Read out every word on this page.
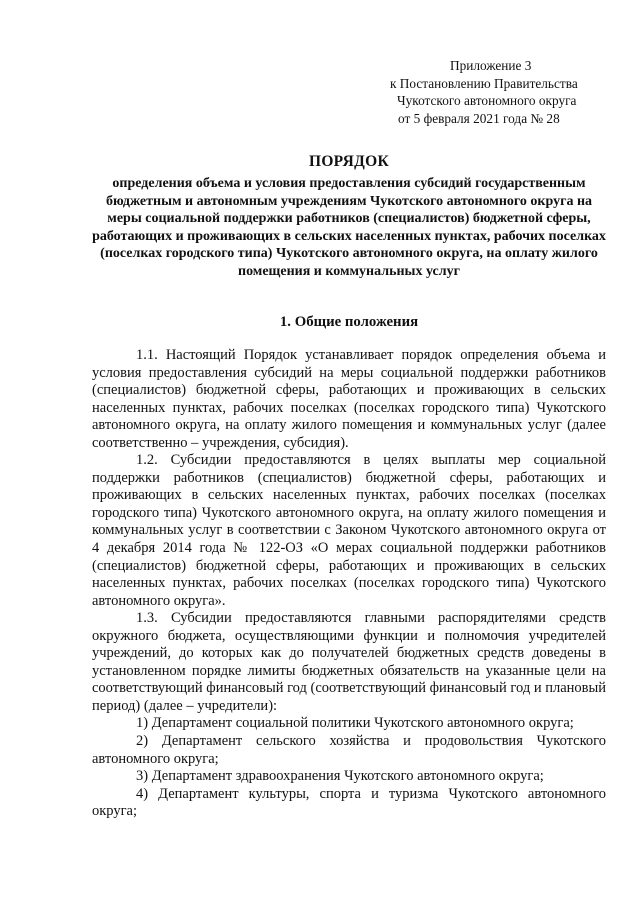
Приложение 3
к Постановлению Правительства
Чукотского автономного округа
от 5 февраля 2021 года № 28
ПОРЯДОК
определения объема и условия предоставления субсидий государственным бюджетным и автономным учреждениям Чукотского автономного округа на меры социальной поддержки работников (специалистов) бюджетной сферы, работающих и проживающих в сельских населенных пунктах, рабочих поселках (поселках городского типа) Чукотского автономного округа, на оплату жилого помещения и коммунальных услуг
1. Общие положения

1.1. Настоящий Порядок устанавливает порядок определения объема и условия предоставления субсидий на меры социальной поддержки работников (специалистов) бюджетной сферы, работающих и проживающих в сельских населенных пунктах, рабочих поселках (поселках городского типа) Чукотского автономного округа, на оплату жилого помещения и коммунальных услуг (далее соответственно – учреждения, субсидия).

1.2. Субсидии предоставляются в целях выплаты мер социальной поддержки работников (специалистов) бюджетной сферы, работающих и проживающих в сельских населенных пунктах, рабочих поселках (поселках городского типа) Чукотского автономного округа, на оплату жилого помещения и коммунальных услуг в соответствии с Законом Чукотского автономного округа от 4 декабря 2014 года № 122-ОЗ «О мерах социальной поддержки работников (специалистов) бюджетной сферы, работающих и проживающих в сельских населенных пунктах, рабочих поселках (поселках городского типа) Чукотского автономного округа».

1.3. Субсидии предоставляются главными распорядителями средств окружного бюджета, осуществляющими функции и полномочия учредителей учреждений, до которых как до получателей бюджетных средств доведены в установленном порядке лимиты бюджетных обязательств на указанные цели на соответствующий финансовый год (соответствующий финансовый год и плановый период) (далее – учредители):

1) Департамент социальной политики Чукотского автономного округа;

2) Департамент сельского хозяйства и продовольствия Чукотского автономного округа;

3) Департамент здравоохранения Чукотского автономного округа;

4) Департамент культуры, спорта и туризма Чукотского автономного округа;
